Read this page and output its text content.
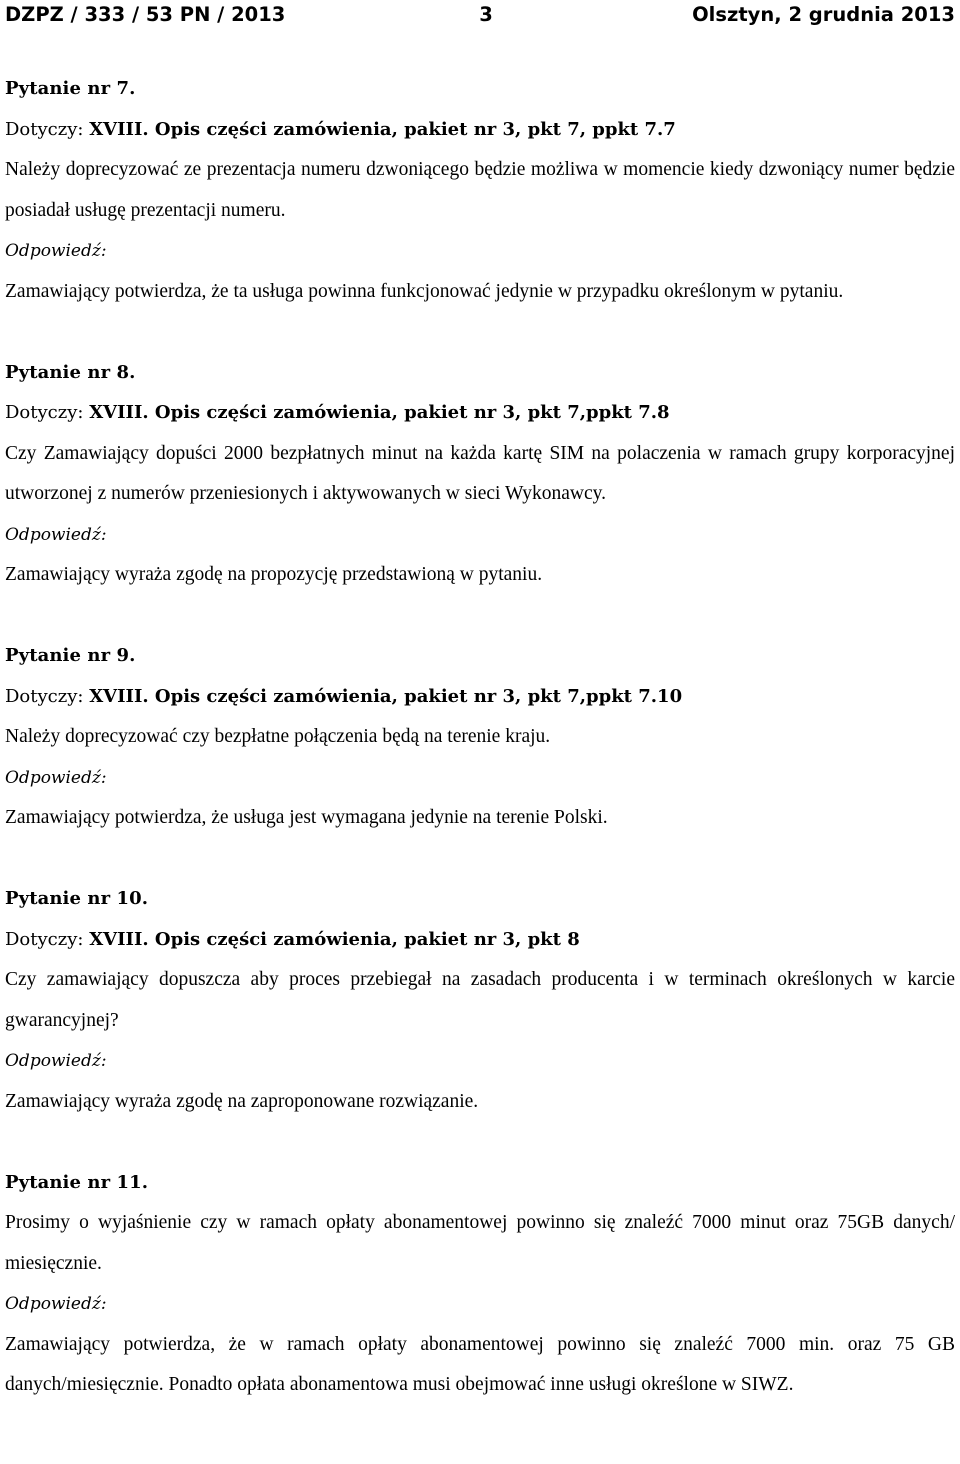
DZPZ / 333 / 53 PN / 2013	3	Olsztyn, 2 grudnia 2013

Pytanie nr 7.

Dotyczy: XVIII. Opis części zamówienia, pakiet nr 3, pkt 7, ppkt 7.7

Należy doprecyzować ze prezentacja numeru dzwoniącego będzie możliwa w momencie kiedy dzwoniący numer będzie posiadał usługę prezentacji numeru.

Odpowiedź:

Zamawiający potwierdza, że ta usługa powinna funkcjonować jedynie w przypadku określonym w pytaniu.

Pytanie nr 8.

Dotyczy: XVIII. Opis części zamówienia, pakiet nr 3, pkt 7,ppkt 7.8

Czy Zamawiający dopuści 2000 bezpłatnych minut na każda kartę SIM na polaczenia w ramach grupy korporacyjnej utworzonej z numerów przeniesionych i aktywowanych w sieci Wykonawcy.

Odpowiedź:

Zamawiający wyraża zgodę na propozycję przedstawioną w pytaniu.

Pytanie nr 9.

Dotyczy: XVIII. Opis części zamówienia, pakiet nr 3, pkt 7,ppkt 7.10

Należy doprecyzować czy bezpłatne połączenia będą na terenie kraju.

Odpowiedź:

Zamawiający potwierdza, że usługa jest wymagana jedynie na terenie Polski.

Pytanie nr 10.

Dotyczy: XVIII. Opis części zamówienia, pakiet nr 3, pkt 8

Czy zamawiający dopuszcza aby proces przebiegał na zasadach producenta i w terminach określonych w karcie gwarancyjnej?

Odpowiedź:

Zamawiający wyraża zgodę na zaproponowane rozwiązanie.

Pytanie nr 11.

Prosimy o wyjaśnienie czy w ramach opłaty abonamentowej powinno się znaleźć 7000 minut oraz 75GB danych/ miesięcznie.

Odpowiedź:

Zamawiający potwierdza, że w ramach opłaty abonamentowej powinno się znaleźć 7000 min. oraz 75 GB danych/miesięcznie. Ponadto opłata abonamentowa musi obejmować inne usługi określone w SIWZ.
